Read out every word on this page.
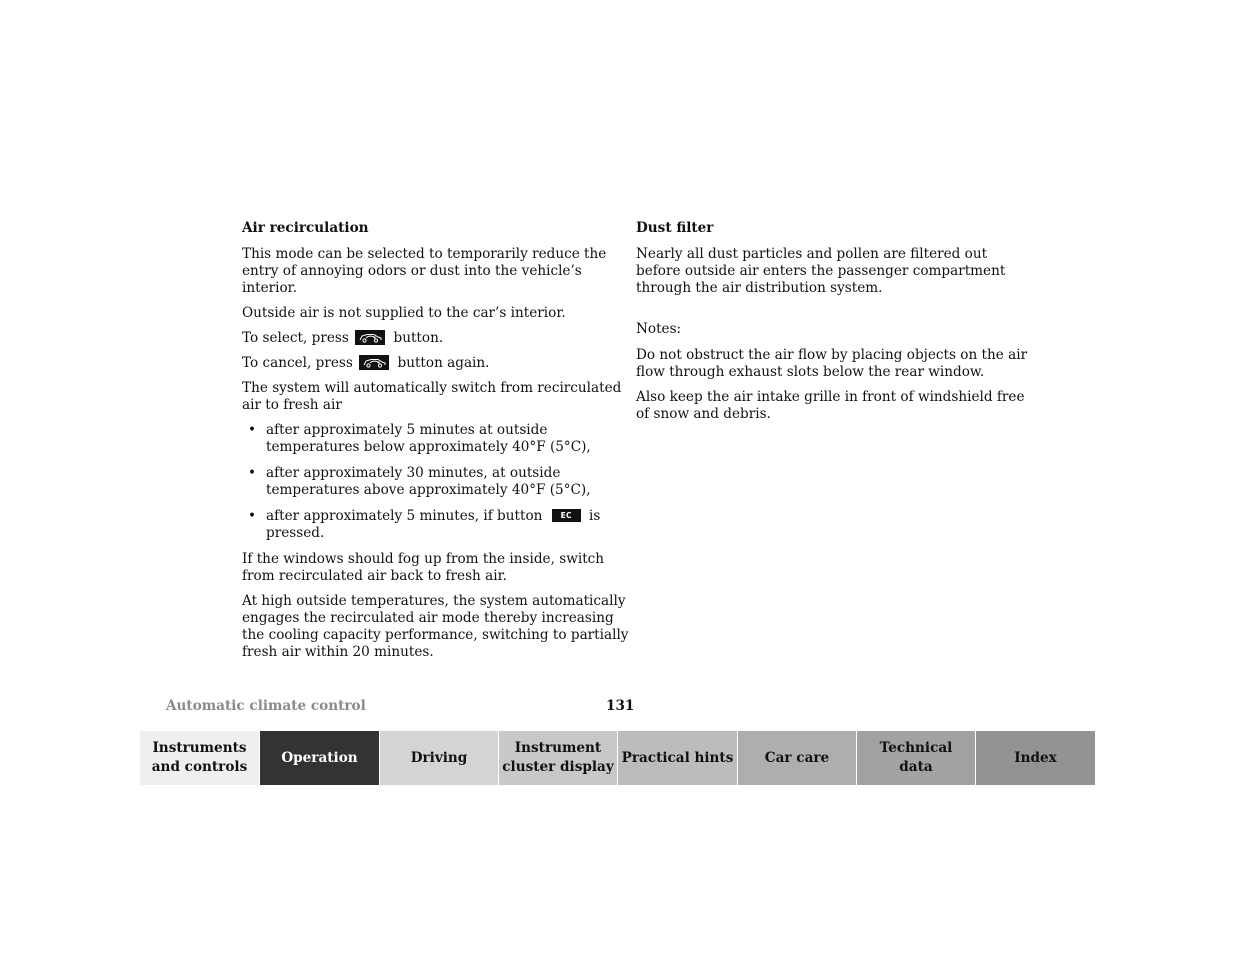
Air recirculation
This mode can be selected to temporarily reduce the
entry of annoying odors or dust into the vehicle’s
interior.
Outside air is not supplied to the car’s interior.
To select, press	button.
To cancel, press	button again.
The system will automatically switch from recirculated
air to fresh air
• after approximately 5 minutes at outside
temperatures below approximately 40°F (5°C),
• after approximately 30 minutes, at outside
temperatures above approximately 40°F (5°C),
• after approximately 5 minutes, if button EC is
pressed.
If the windows should fog up from the inside, switch
from recirculated air back to fresh air.
At high outside temperatures, the system automatically
engages the recirculated air mode thereby increasing
the cooling capacity performance, switching to partially
fresh air within 20 minutes.
Dust filter
Nearly all dust particles and pollen are filtered out
before outside air enters the passenger compartment
through the air distribution system.
Notes:
Do not obstruct the air flow by placing objects on the air
flow through exhaust slots below the rear window.
Also keep the air intake grille in front of windshield free
of snow and debris.
Automatic climate control	131
Instruments
and controls
Operation	Driving
Instrument
cluster display
Practical hints Car care
Technical
data
Index
